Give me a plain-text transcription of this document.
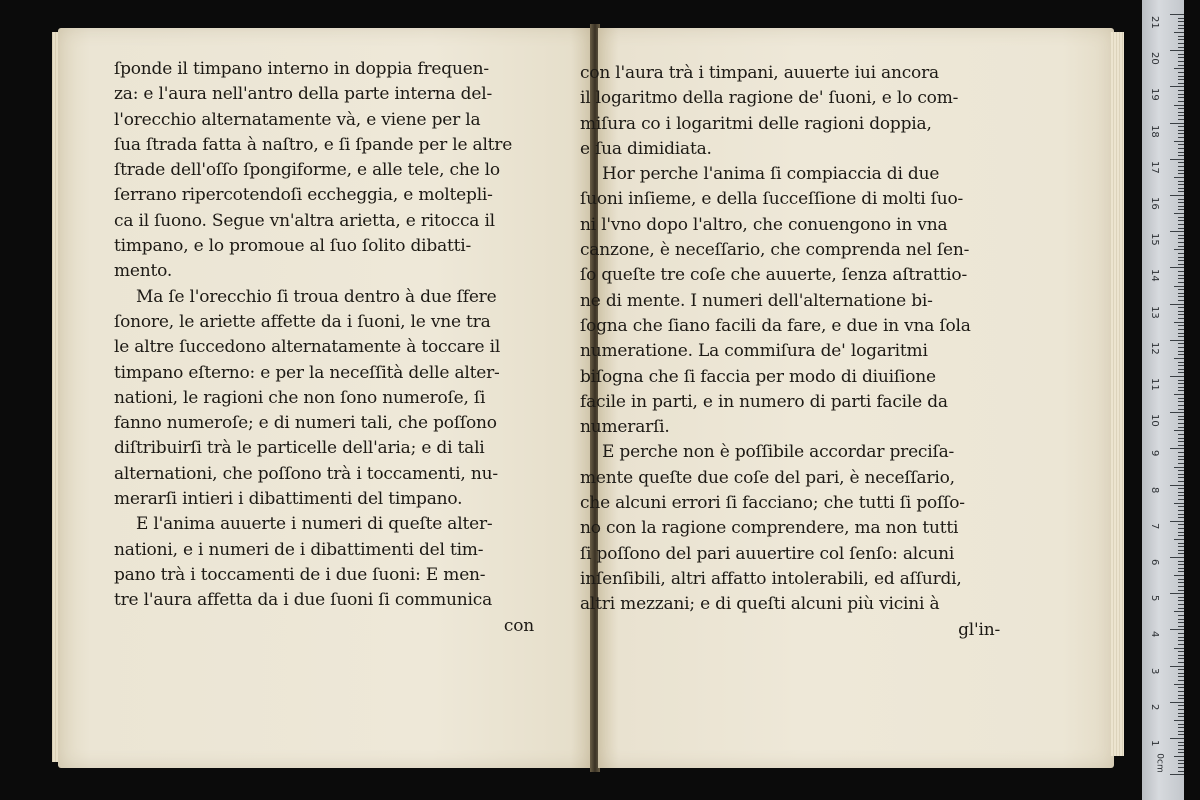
ſponde il timpano interno in doppia frequen-
za: e l'aura nell'antro della parte interna del-
l'orecchio alternatamente và, e viene per la
ſua ſtrada fatta à naſtro, e ſi ſpande per le altre
ſtrade dell'oſſo ſpongiforme, e alle tele, che lo
ſerrano ripercotendoſi eccheggia, e moltepli-
ca il ſuono. Segue vn'altra arietta, e ritocca il
timpano, e lo promoue al ſuo ſolito dibatti-
mento.
Ma ſe l'orecchio ſi troua dentro à due ſfere
ſonore, le ariette affette da i ſuoni, le vne tra
le altre ſuccedono alternatamente à toccare il
timpano eſterno: e per la neceſſità delle alter-
nationi, le ragioni che non ſono numeroſe, ſi
fanno numeroſe; e di numeri tali, che poſſono
diſtribuirſi trà le particelle dell'aria; e di tali
alternationi, che poſſono trà i toccamenti, nu-
merarſi intieri i dibattimenti del timpano.
E l'anima auuerte i numeri di queſte alter-
nationi, e i numeri de i dibattimenti del tim-
pano trà i toccamenti de i due ſuoni: E men-
tre l'aura affetta da i due ſuoni ſi communica
con
con l'aura trà i timpani, auuerte iui ancora
il logaritmo della ragione de' ſuoni, e lo com-
miſura co i logaritmi delle ragioni doppia,
e ſua dimidiata.
Hor perche l'anima ſi compiaccia di due
ſuoni inſieme, e della ſucceſſione di molti ſuo-
ni l'vno dopo l'altro, che conuengono in vna
canzone, è neceſſario, che comprenda nel ſen-
ſo queſte tre coſe che auuerte, ſenza aſtrattio-
ne di mente. I numeri dell'alternatione bi-
ſogna che ſiano facili da fare, e due in vna ſola
numeratione. La commiſura de' logaritmi
biſogna che ſi faccia per modo di diuiſione
facile in parti, e in numero di parti facile da
numerarſi.
E perche non è poſſibile accordar preciſa-
mente queſte due coſe del pari, è neceſſario,
che alcuni errori ſi facciano; che tutti ſi poſſo-
no con la ragione comprendere, ma non tutti
ſi poſſono del pari auuertire col ſenſo: alcuni
inſenſibili, altri affatto intolerabili, ed aſſurdi,
altri mezzani; e di queſti alcuni più vicini à
gl'in-
0cm
21
20
19
18
17
16
15
14
13
12
11
10
9
8
7
6
5
4
3
2
1
